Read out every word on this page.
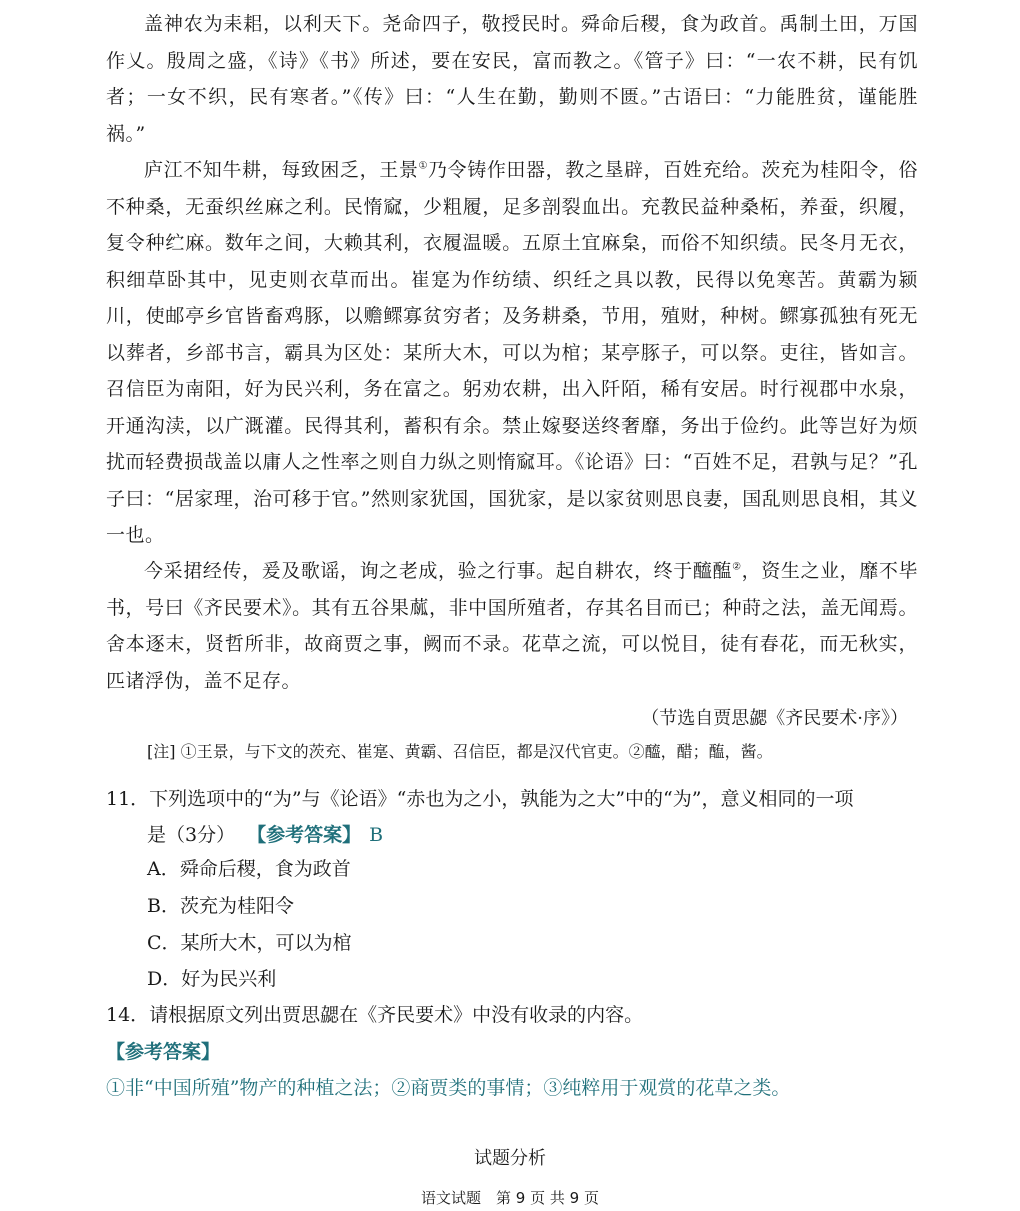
盖神农为耒耜，以利天下。尧命四子，敬授民时。舜命后稷，食为政首。禹制土田，万国作乂。殷周之盛，《诗》《书》所述，要在安民，富而教之。《管子》曰：“一农不耕，民有饥者；一女不织，民有寒者。”《传》曰：“人生在勤，勤则不匮。”古语曰：“力能胜贫，谨能胜祸。”
庐江不知牛耕，每致困乏，王景①乃令铸作田器，教之垦辟，百姓充给。茨充为桂阳令，俗不种桑，无蚕织丝麻之利。民惰窳，少粗履，足多剖裂血出。充教民益种桑柘，养蚕，织履，复令种纻麻。数年之间，大赖其利，衣履温暖。五原土宜麻枲，而俗不知织绩。民冬月无衣，积细草卧其中，见吏则衣草而出。崔寔为作纺绩、织纴之具以教，民得以免寒苦。黄霸为颍川，使邮亭乡官皆畜鸡豚，以赡鳏寡贫穷者；及务耕桑，节用，殖财，种树。鳏寡孤独有死无以葬者，乡部书言，霸具为区处：某所大木，可以为棺；某亭豚子，可以祭。吏往，皆如言。召信臣为南阳，好为民兴利，务在富之。躬劝农耕，出入阡陌，稀有安居。时行视郡中水泉，开通沟渎，以广溉灌。民得其利，蓄积有余。禁止嫁娶送终奢靡，务出于俭约。此等岂好为烦扰而轻费损哉盖以庸人之性率之则自力纵之则惰窳耳。《论语》曰：“百姓不足，君孰与足？”孔子曰：“居家理，治可移于官。”然则家犹国，国犹家，是以家贫则思良妻，国乱则思良相，其义一也。
今采捃经传，爰及歌谣，询之老成，验之行事。起自耕农，终于醯醢②，资生之业，靡不毕书，号曰《齐民要术》。其有五谷果蓏，非中国所殖者，存其名目而已；种莳之法，盖无闻焉。舍本逐末，贤哲所非，故商贾之事，阙而不录。花草之流，可以悦目，徒有春花，而无秋实，匹诸浮伪，盖不足存。
（节选自贾思勰《齐民要术·序》）
[注] ①王景，与下文的茨充、崔寔、黄霸、召信臣，都是汉代官吏。②醯，醋；醢，酱。
11．下列选项中的“为”与《论语》“赤也为之小，孰能为之大”中的“为”，意义相同的一项
是（3分） 【参考答案】 B
A．舜命后稷，食为政首
B．茨充为桂阳令
C．某所大木，可以为棺
D．好为民兴利
14．请根据原文列出贾思勰在《齐民要术》中没有收录的内容。
【参考答案】
①非“中国所殖”物产的种植之法；②商贾类的事情；③纯粹用于观赏的花草之类。
试题分析
语文试题　第 9 页 共 9 页
